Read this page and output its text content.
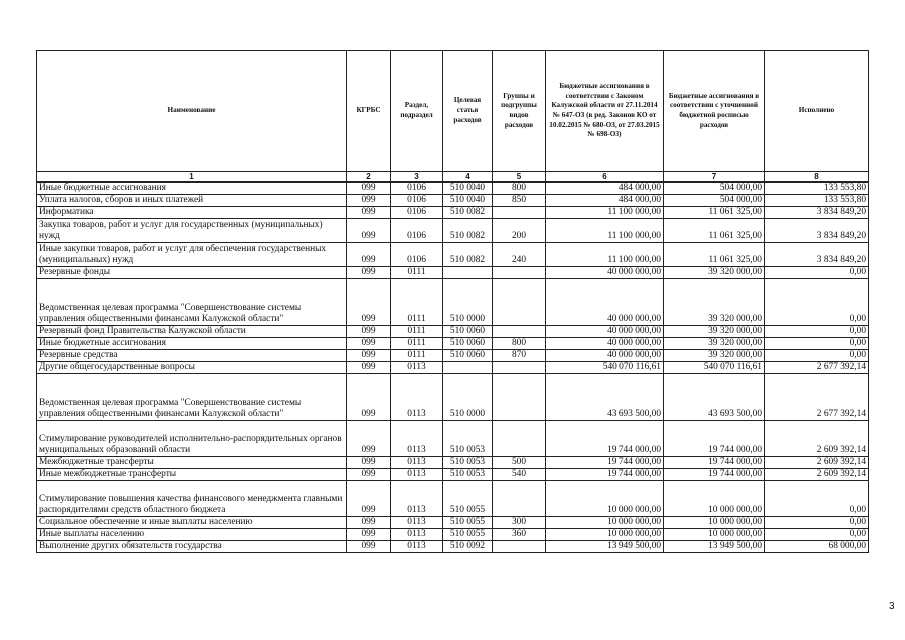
Наименование	КГРБС	Раздел, подраздел	Целевая статья расходов	Группы и подгруппы видов расходов	Бюджетные ассигнования в соответствии с Законом Калужской области от 27.11.2014 № 647-ОЗ (в ред. Законов КО от 10.02.2015 № 680-ОЗ, от 27.03.2015 № 698-ОЗ)	Бюджетные ассигнования в соответствии с уточненной бюджетной росписью расходов	Исполнено
1	2	3	4	5	6	7	8
Иные бюджетные ассигнования	099	0106	510 0040	800	484 000,00	504 000,00	133 553,80
Уплата налогов, сборов и иных платежей	099	0106	510 0040	850	484 000,00	504 000,00	133 553,80
Информатика	099	0106	510 0082		11 100 000,00	11 061 325,00	3 834 849,20
Закупка товаров, работ и услуг для государственных (муниципальных) нужд	099	0106	510 0082	200	11 100 000,00	11 061 325,00	3 834 849,20
Иные закупки товаров, работ и услуг для обеспечения государственных (муниципальных) нужд	099	0106	510 0082	240	11 100 000,00	11 061 325,00	3 834 849,20
Резервные фонды	099	0111			40 000 000,00	39 320 000,00	0,00
Ведомственная целевая программа "Совершенствование системы управления общественными финансами Калужской области"	099	0111	510 0000		40 000 000,00	39 320 000,00	0,00
Резервный фонд Правительства Калужской области	099	0111	510 0060		40 000 000,00	39 320 000,00	0,00
Иные бюджетные ассигнования	099	0111	510 0060	800	40 000 000,00	39 320 000,00	0,00
Резервные средства	099	0111	510 0060	870	40 000 000,00	39 320 000,00	0,00
Другие общегосударственные вопросы	099	0113			540 070 116,61	540 070 116,61	2 677 392,14
Ведомственная целевая программа "Совершенствование системы управления общественными финансами Калужской области"	099	0113	510 0000		43 693 500,00	43 693 500,00	2 677 392,14
Стимулирование руководителей исполнительно-распорядительных органов муниципальных образований области	099	0113	510 0053		19 744 000,00	19 744 000,00	2 609 392,14
Межбюджетные трансферты	099	0113	510 0053	500	19 744 000,00	19 744 000,00	2 609 392,14
Иные межбюджетные трансферты	099	0113	510 0053	540	19 744 000,00	19 744 000,00	2 609 392,14
Стимулирование повышения качества финансового менеджмента главными распорядителями средств областного бюджета	099	0113	510 0055		10 000 000,00	10 000 000,00	0,00
Социальное обеспечение и иные выплаты населению	099	0113	510 0055	300	10 000 000,00	10 000 000,00	0,00
Иные выплаты населению	099	0113	510 0055	360	10 000 000,00	10 000 000,00	0,00
Выполнение других обязательств государства	099	0113	510 0092		13 949 500,00	13 949 500,00	68 000,00
3
